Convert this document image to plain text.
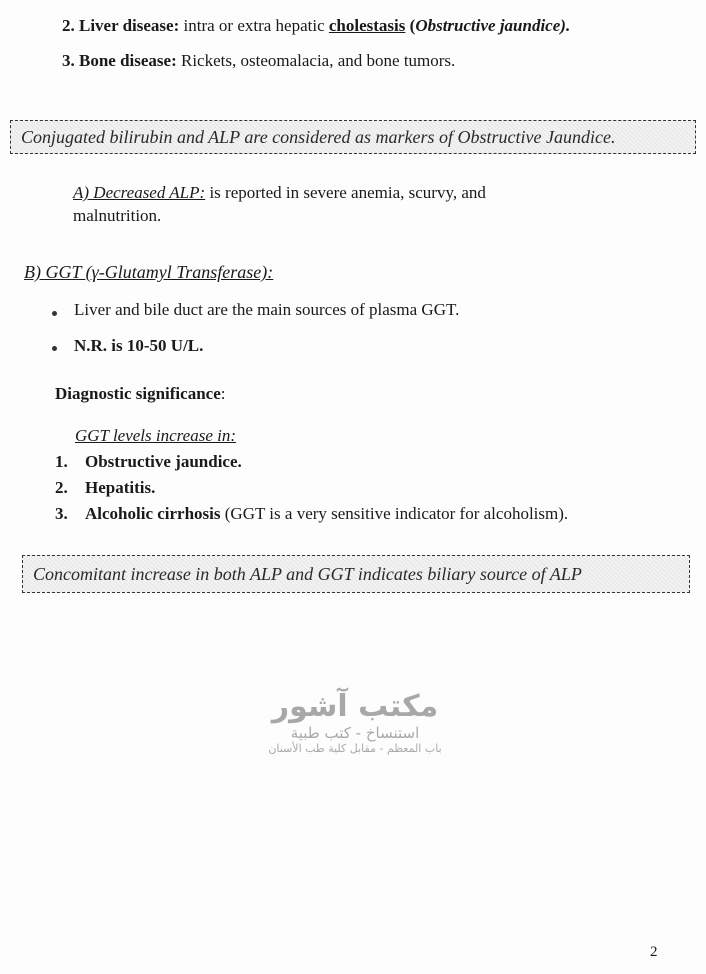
2. Liver disease: intra or extra hepatic cholestasis (Obstructive jaundice).
3. Bone disease: Rickets, osteomalacia, and bone tumors.
Conjugated bilirubin and ALP are considered as markers of Obstructive Jaundice.
A) Decreased ALP: is reported in severe anemia, scurvy, and
malnutrition.
B) GGT (γ-Glutamyl Transferase):
Liver and bile duct are the main sources of plasma GGT.
N.R. is 10-50 U/L.
Diagnostic significance:
GGT levels increase in:
1. Obstructive jaundice.
2. Hepatitis.
3. Alcoholic cirrhosis (GGT is a very sensitive indicator for alcoholism).
Concomitant increase in both ALP and GGT indicates biliary source of ALP
مكتب آشور
استنساخ - كتب طبية
باب المعظم - مقابل كلية طب الأسنان
2
